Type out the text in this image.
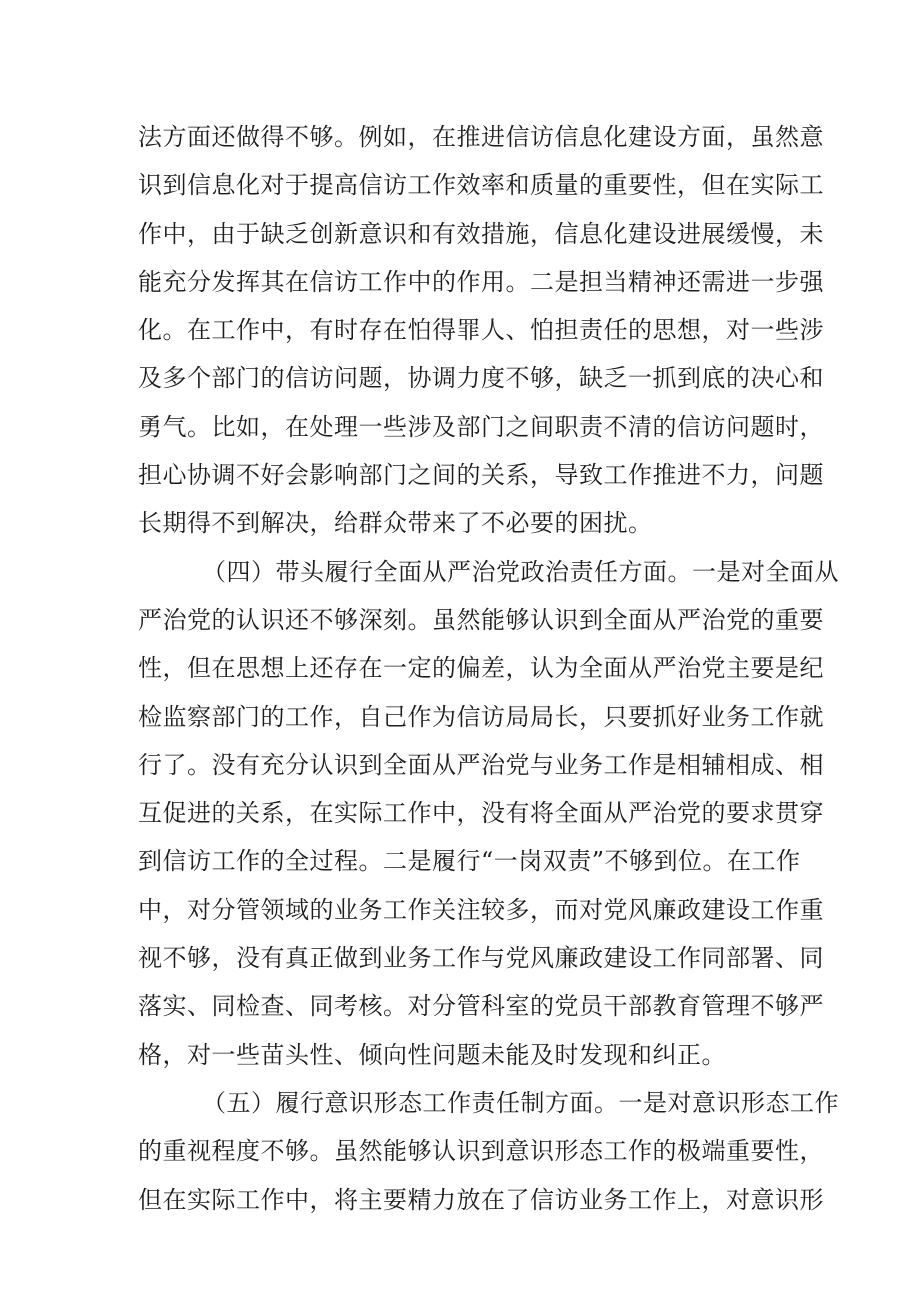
法方面还做得不够。例如，在推进信访信息化建设方面，虽然意
识到信息化对于提高信访工作效率和质量的重要性，但在实际工
作中，由于缺乏创新意识和有效措施，信息化建设进展缓慢，未
能充分发挥其在信访工作中的作用。二是担当精神还需进一步强
化。在工作中，有时存在怕得罪人、怕担责任的思想，对一些涉
及多个部门的信访问题，协调力度不够，缺乏一抓到底的决心和
勇气。比如，在处理一些涉及部门之间职责不清的信访问题时，
担心协调不好会影响部门之间的关系，导致工作推进不力，问题
长期得不到解决，给群众带来了不必要的困扰。
（四）带头履行全面从严治党政治责任方面。一是对全面从
严治党的认识还不够深刻。虽然能够认识到全面从严治党的重要
性，但在思想上还存在一定的偏差，认为全面从严治党主要是纪
检监察部门的工作，自己作为信访局局长，只要抓好业务工作就
行了。没有充分认识到全面从严治党与业务工作是相辅相成、相
互促进的关系，在实际工作中，没有将全面从严治党的要求贯穿
到信访工作的全过程。二是履行“一岗双责”不够到位。在工作
中，对分管领域的业务工作关注较多，而对党风廉政建设工作重
视不够，没有真正做到业务工作与党风廉政建设工作同部署、同
落实、同检查、同考核。对分管科室的党员干部教育管理不够严
格，对一些苗头性、倾向性问题未能及时发现和纠正。
（五）履行意识形态工作责任制方面。一是对意识形态工作
的重视程度不够。虽然能够认识到意识形态工作的极端重要性，
但在实际工作中，将主要精力放在了信访业务工作上，对意识形
